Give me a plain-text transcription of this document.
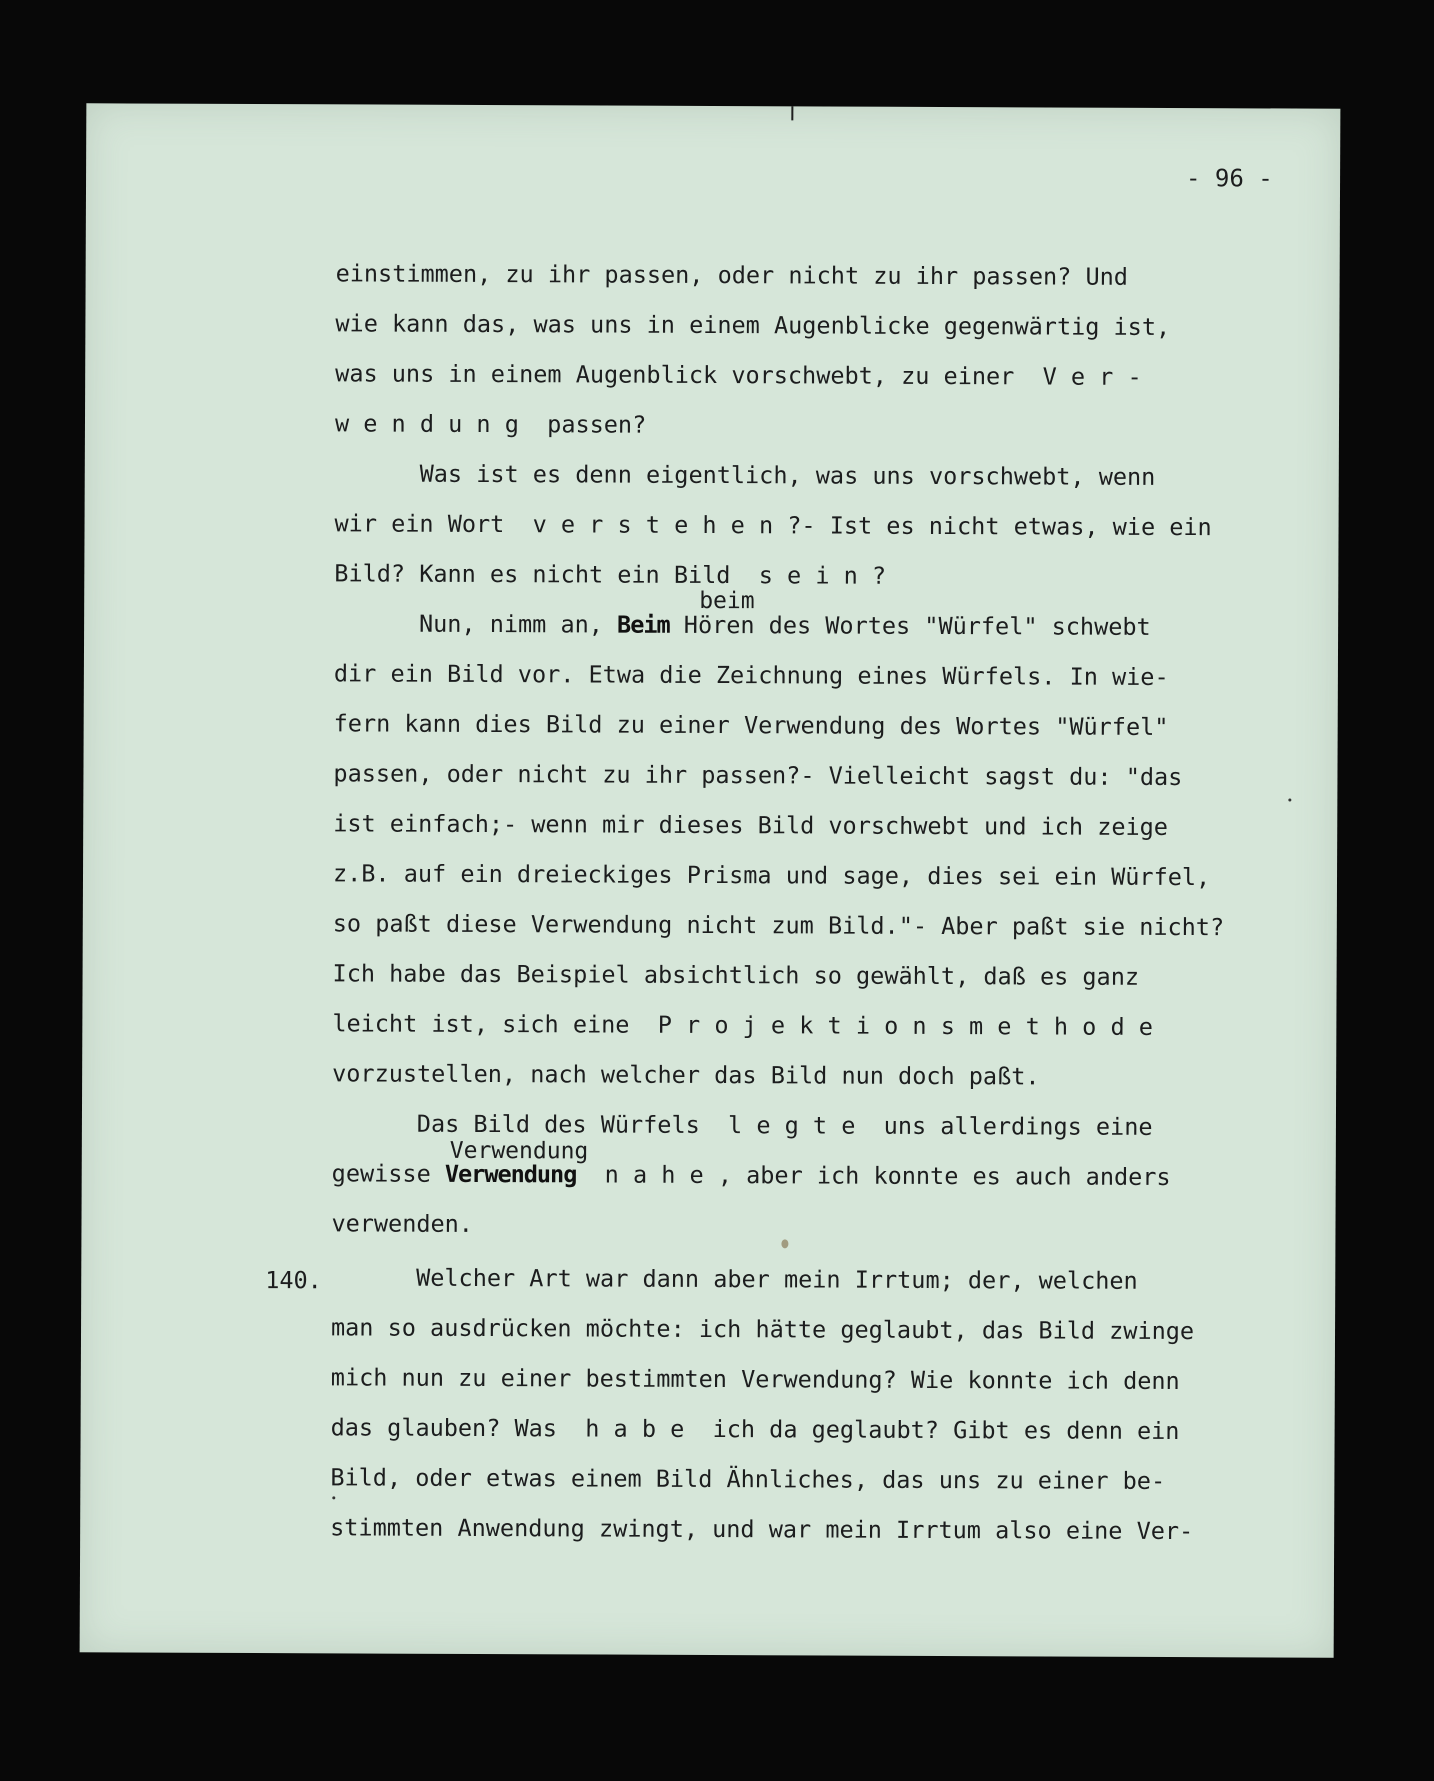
- 96 -
einstimmen, zu ihr passen, oder nicht zu ihr passen? Und
wie kann das, was uns in einem Augenblicke gegenwärtig ist,
was uns in einem Augenblick vorschwebt, zu einer  V e r -
w e n d u n g  passen?
Was ist es denn eigentlich, was uns vorschwebt, wenn
wir ein Wort  v e r s t e h e n ?- Ist es nicht etwas, wie ein
Bild? Kann es nicht ein Bild  s e i n ?
beim
Nun, nimm an, Beim Hören des Wortes "Würfel" schwebt
dir ein Bild vor. Etwa die Zeichnung eines Würfels. In wie-
fern kann dies Bild zu einer Verwendung des Wortes "Würfel"
passen, oder nicht zu ihr passen?- Vielleicht sagst du: "das
ist einfach;- wenn mir dieses Bild vorschwebt und ich zeige
z.B. auf ein dreieckiges Prisma und sage, dies sei ein Würfel,
so paßt diese Verwendung nicht zum Bild."- Aber paßt sie nicht?
Ich habe das Beispiel absichtlich so gewählt, daß es ganz
leicht ist, sich eine  P r o j e k t i o n s m e t h o d e
vorzustellen, nach welcher das Bild nun doch paßt.
Das Bild des Würfels  l e g t e  uns allerdings eine
Verwendung
gewisse Verwendung  n a h e , aber ich konnte es auch anders
verwenden.
140. Welcher Art war dann aber mein Irrtum; der, welchen
man so ausdrücken möchte: ich hätte geglaubt, das Bild zwinge
mich nun zu einer bestimmten Verwendung? Wie konnte ich denn
das glauben? Was  h a b e  ich da geglaubt? Gibt es denn ein
Bild, oder etwas einem Bild Ähnliches, das uns zu einer be-
stimmten Anwendung zwingt, und war mein Irrtum also eine Ver-
